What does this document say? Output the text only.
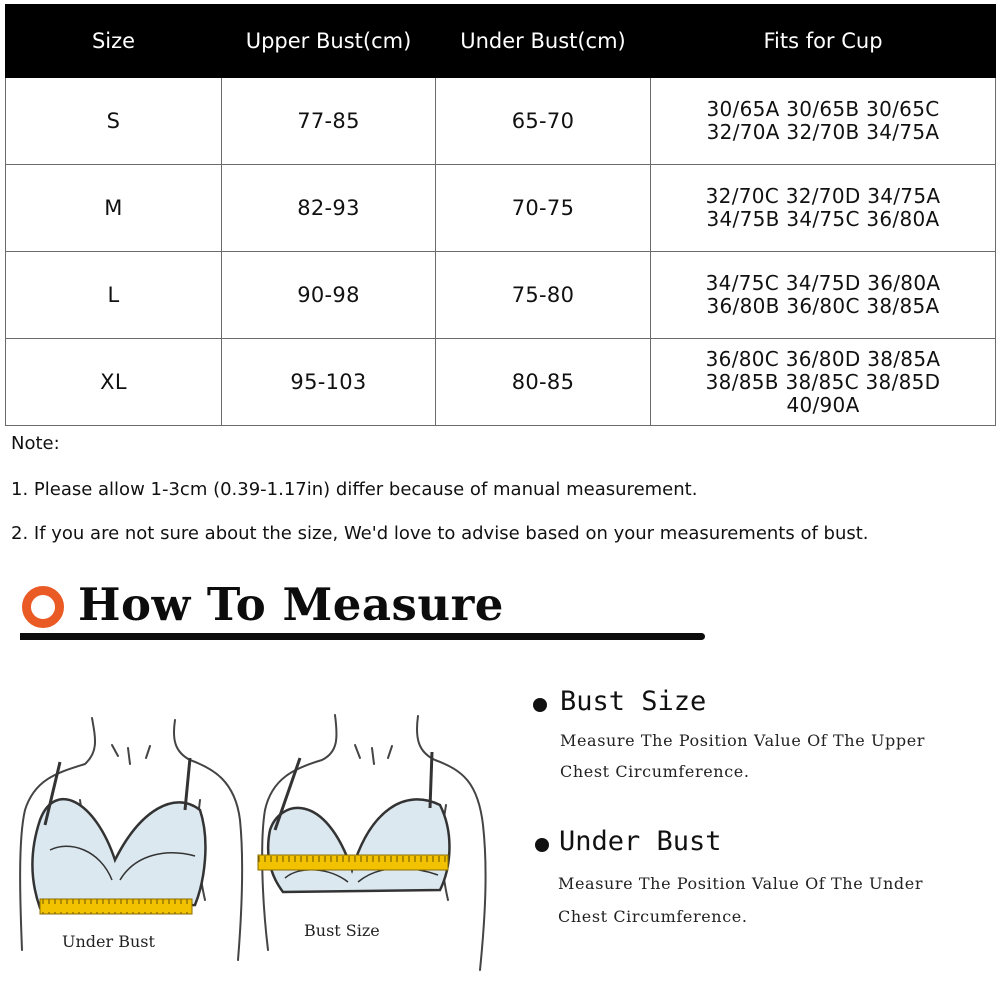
Size	Upper Bust(cm)	Under Bust(cm)	Fits for Cup
S	77-85	65-70	30/65A 30/65B 30/65C
32/70A 32/70B 34/75A

M	82-93	70-75	32/70C 32/70D 34/75A
34/75B 34/75C 36/80A

L	90-98	75-80	34/75C 34/75D 36/80A
36/80B 36/80C 38/85A

XL	95-103	80-85	36/80C 36/80D 38/85A
38/85B 38/85C 38/85D
40/90A
Note:
1. Please allow 1-3cm (0.39-1.17in) differ because of manual measurement.
2. If you are not sure about the size, We'd love to advise based on your measurements of bust.
How To Measure
Under Bust
Bust Size
Bust Size
Measure The Position Value Of The Upper Chest Circumference.
Under Bust
Measure The Position Value Of The Under Chest Circumference.
